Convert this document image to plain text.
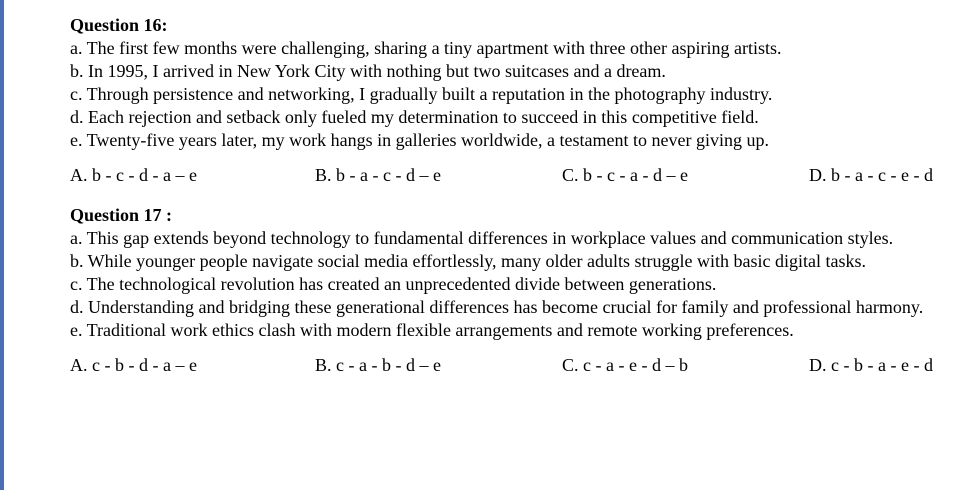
Question 16:

a. The first few months were challenging, sharing a tiny apartment with three other aspiring artists.

b. In 1995, I arrived in New York City with nothing but two suitcases and a dream.

c. Through persistence and networking, I gradually built a reputation in the photography industry.

d. Each rejection and setback only fueled my determination to succeed in this competitive field.

e. Twenty-five years later, my work hangs in galleries worldwide, a testament to never giving up.

A. b - c - d - a – e	B. b - a - c - d – e	C. b - c - a - d – e	D. b - a - c - e - d

Question 17 :

a. This gap extends beyond technology to fundamental differences in workplace values and communication styles.

b. While younger people navigate social media effortlessly, many older adults struggle with basic digital tasks.

c. The technological revolution has created an unprecedented divide between generations.

d. Understanding and bridging these generational differences has become crucial for family and professional harmony.

e. Traditional work ethics clash with modern flexible arrangements and remote working preferences.

A. c - b - d - a – e	B. c - a - b - d – e	C. c - a - e - d – b	D. c - b - a - e - d
